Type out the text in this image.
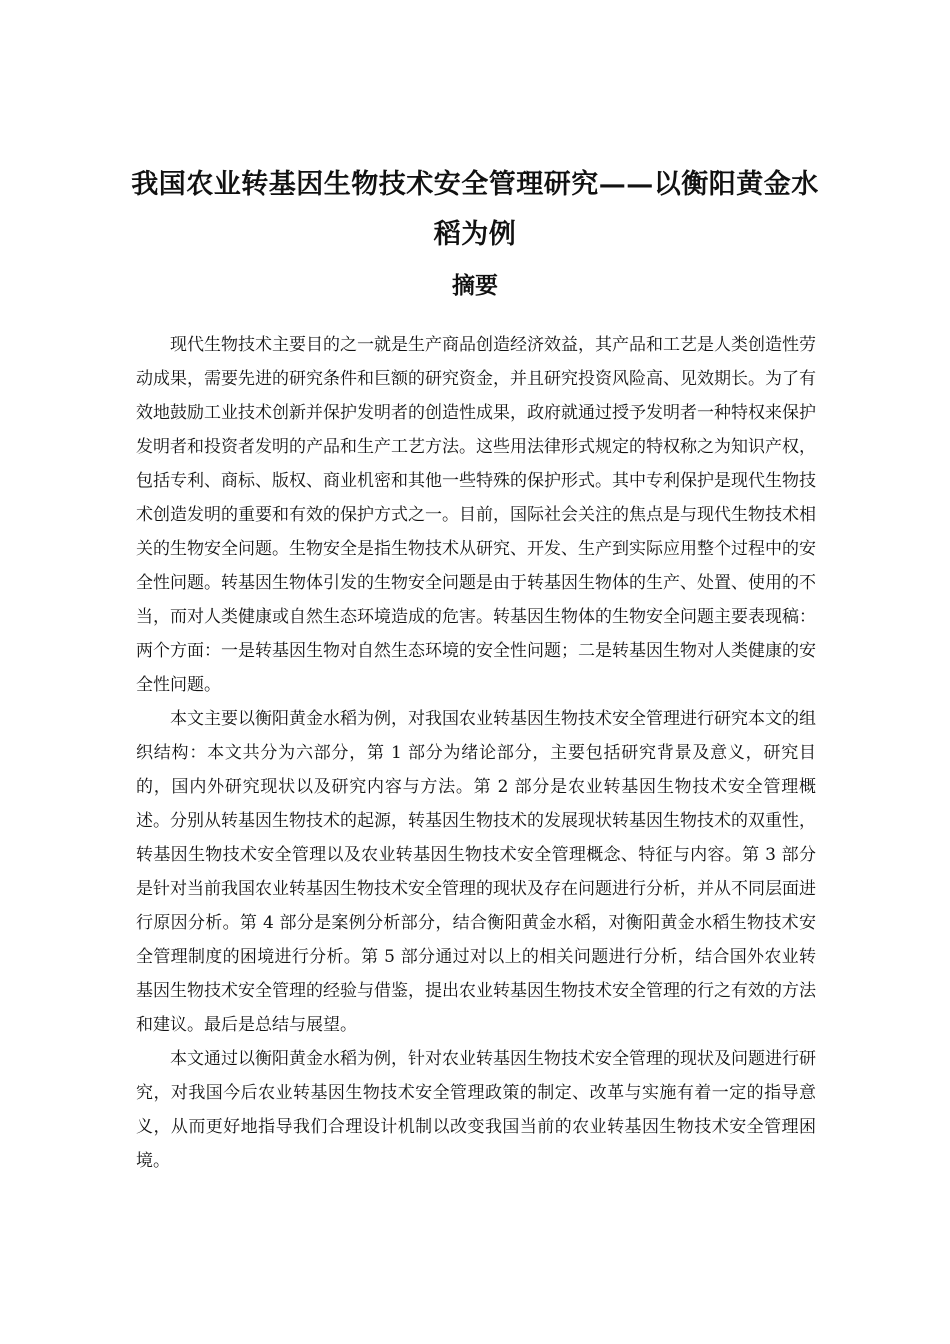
我国农业转基因生物技术安全管理研究——以衡阳黄金水稻为例
摘要

现代生物技术主要目的之一就是生产商品创造经济效益，其产品和工艺是人类创造性劳动成果，需要先进的研究条件和巨额的研究资金，并且研究投资风险高、见效期长。为了有效地鼓励工业技术创新并保护发明者的创造性成果，政府就通过授予发明者一种特权来保护发明者和投资者发明的产品和生产工艺方法。这些用法律形式规定的特权称之为知识产权，包括专利、商标、版权、商业机密和其他一些特殊的保护形式。其中专利保护是现代生物技术创造发明的重要和有效的保护方式之一。目前，国际社会关注的焦点是与现代生物技术相关的生物安全问题。生物安全是指生物技术从研究、开发、生产到实际应用整个过程中的安全性问题。转基因生物体引发的生物安全问题是由于转基因生物体的生产、处置、使用的不当，而对人类健康或自然生态环境造成的危害。转基因生物体的生物安全问题主要表现稿：两个方面：一是转基因生物对自然生态环境的安全性问题；二是转基因生物对人类健康的安全性问题。

本文主要以衡阳黄金水稻为例，对我国农业转基因生物技术安全管理进行研究本文的组织结构：本文共分为六部分，第 1 部分为绪论部分，主要包括研究背景及意义，研究目的，国内外研究现状以及研究内容与方法。第 2 部分是农业转基因生物技术安全管理概述。分别从转基因生物技术的起源，转基因生物技术的发展现状转基因生物技术的双重性，转基因生物技术安全管理以及农业转基因生物技术安全管理概念、特征与内容。第 3 部分是针对当前我国农业转基因生物技术安全管理的现状及存在问题进行分析，并从不同层面进行原因分析。第 4 部分是案例分析部分，结合衡阳黄金水稻，对衡阳黄金水稻生物技术安全管理制度的困境进行分析。第 5 部分通过对以上的相关问题进行分析，结合国外农业转基因生物技术安全管理的经验与借鉴，提出农业转基因生物技术安全管理的行之有效的方法和建议。最后是总结与展望。

本文通过以衡阳黄金水稻为例，针对农业转基因生物技术安全管理的现状及问题进行研究，对我国今后农业转基因生物技术安全管理政策的制定、改革与实施有着一定的指导意义，从而更好地指导我们合理设计机制以改变我国当前的农业转基因生物技术安全管理困境。
